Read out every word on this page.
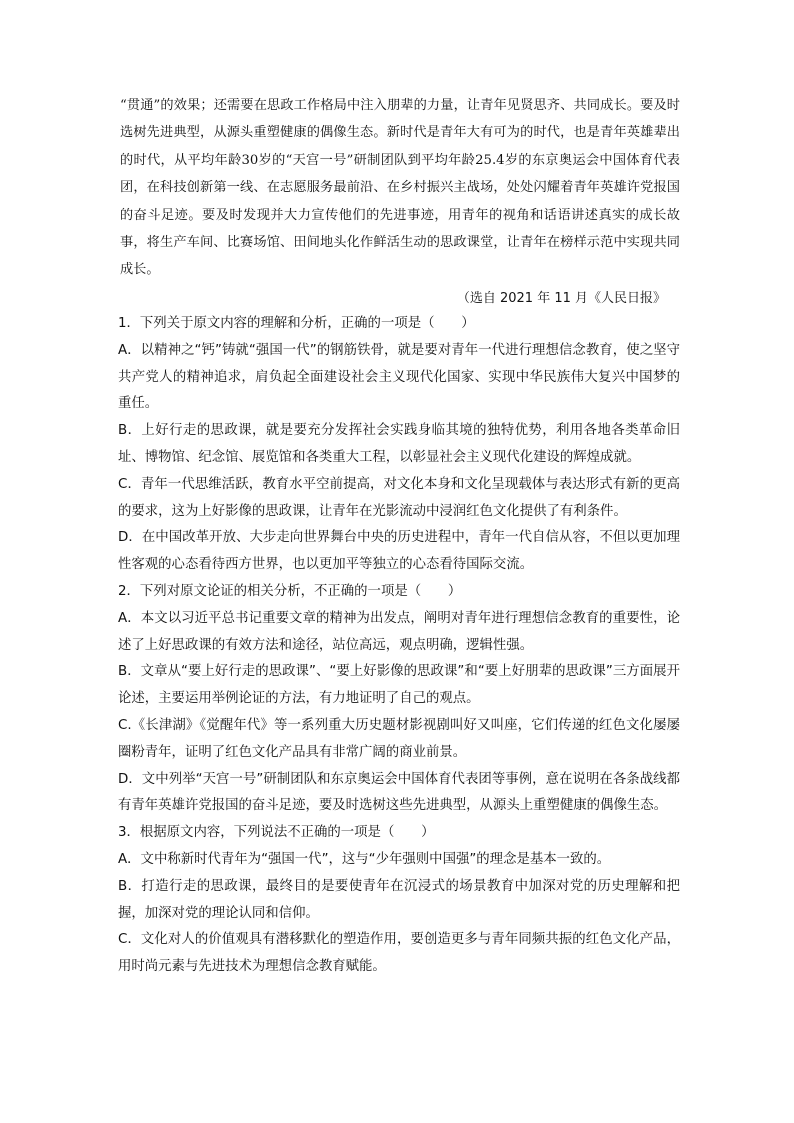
“贯通”的效果；还需要在思政工作格局中注入朋辈的力量，让青年见贤思齐、共同成长。要及时选树先进典型，从源头重塑健康的偶像生态。新时代是青年大有可为的时代，也是青年英雄辈出的时代，从平均年龄30岁的“天宫一号”研制团队到平均年龄25.4岁的东京奥运会中国体育代表团，在科技创新第一线、在志愿服务最前沿、在乡村振兴主战场，处处闪耀着青年英雄许党报国的奋斗足迹。要及时发现并大力宣传他们的先进事迹，用青年的视角和话语讲述真实的成长故事，将生产车间、比赛场馆、田间地头化作鲜活生动的思政课堂，让青年在榜样示范中实现共同成长。

（选自 2021 年 11 月《人民日报》

1．下列关于原文内容的理解和分析，正确的一项是（　　）

A．以精神之“钙”铸就“强国一代”的钢筋铁骨，就是要对青年一代进行理想信念教育，使之坚守共产党人的精神追求，肩负起全面建设社会主义现代化国家、实现中华民族伟大复兴中国梦的重任。

B．上好行走的思政课，就是要充分发挥社会实践身临其境的独特优势，利用各地各类革命旧址、博物馆、纪念馆、展览馆和各类重大工程，以彰显社会主义现代化建设的辉煌成就。

C．青年一代思维活跃，教育水平空前提高，对文化本身和文化呈现载体与表达形式有新的更高的要求，这为上好影像的思政课，让青年在光影流动中浸润红色文化提供了有利条件。

D．在中国改革开放、大步走向世界舞台中央的历史进程中，青年一代自信从容，不但以更加理性客观的心态看待西方世界，也以更加平等独立的心态看待国际交流。

2．下列对原文论证的相关分析，不正确的一项是（　　）

A．本文以习近平总书记重要文章的精神为出发点，阐明对青年进行理想信念教育的重要性，论述了上好思政课的有效方法和途径，站位高远，观点明确，逻辑性强。

B．文章从“要上好行走的思政课”、“要上好影像的思政课”和“要上好朋辈的思政课”三方面展开论述，主要运用举例论证的方法，有力地证明了自己的观点。

C.《长津湖》《觉醒年代》等一系列重大历史题材影视剧叫好又叫座，它们传递的红色文化屡屡圈粉青年，证明了红色文化产品具有非常广阔的商业前景。

D．文中列举“天宫一号”研制团队和东京奥运会中国体育代表团等事例，意在说明在各条战线都有青年英雄许党报国的奋斗足迹，要及时选树这些先进典型，从源头上重塑健康的偶像生态。

3．根据原文内容，下列说法不正确的一项是（　　）

A．文中称新时代青年为“强国一代”，这与“少年强则中国强”的理念是基本一致的。

B．打造行走的思政课，最终目的是要使青年在沉浸式的场景教育中加深对党的历史理解和把握，加深对党的理论认同和信仰。

C．文化对人的价值观具有潜移默化的塑造作用，要创造更多与青年同频共振的红色文化产品，用时尚元素与先进技术为理想信念教育赋能。
